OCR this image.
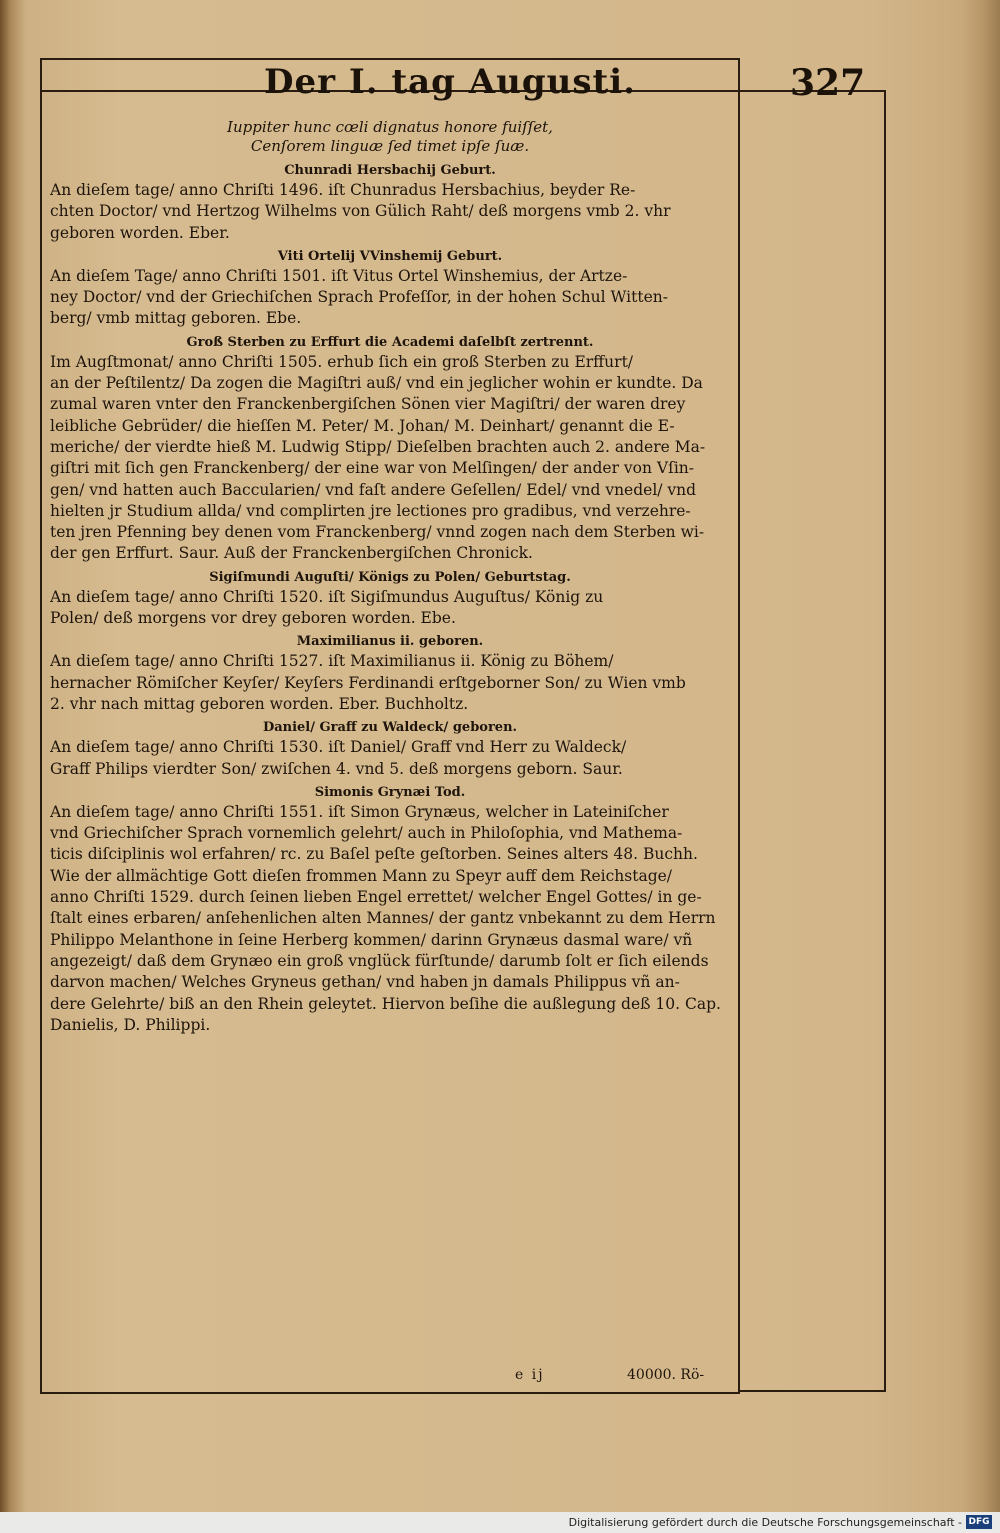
Der I. tag Augusti.	327
Iuppiter hunc cœli dignatus honore fuiſſet,
Cenſorem linguæ ſed timet ipſe ſuæ.

Chunradi Hersbachij Geburt.

An dieſem tage/ anno Chriſti 1496. iſt Chunradus Hersbachius, beyder Re-
chten Doctor/ vnd Hertzog Wilhelms von Gülich Raht/ deß morgens vmb 2. vhr
geboren worden. Eber.

Viti Ortelij VVinshemij Geburt.

An dieſem Tage/ anno Chriſti 1501. iſt Vitus Ortel Winshemius, der Artze-
ney Doctor/ vnd der Griechiſchen Sprach Profeſſor, in der hohen Schul Witten-
berg/ vmb mittag geboren. Ebe.

Groß Sterben zu Erffurt die Academi daſelbſt zertrennt.

Im Augſtmonat/ anno Chriſti 1505. erhub ſich ein groß Sterben zu Erffurt/
an der Peſtilentz/ Da zogen die Magiſtri auß/ vnd ein jeglicher wohin er kundte. Da
zumal waren vnter den Franckenbergiſchen Sönen vier Magiſtri/ der waren drey
leibliche Gebrüder/ die hieſſen M. Peter/ M. Johan/ M. Deinhart/ genannt die E-
meriche/ der vierdte hieß M. Ludwig Stipp/ Dieſelben brachten auch 2. andere Ma-
giſtri mit ſich gen Franckenberg/ der eine war von Melſingen/ der ander von Vſin-
gen/ vnd hatten auch Baccularien/ vnd faſt andere Geſellen/ Edel/ vnd vnedel/ vnd
hielten jr Studium allda/ vnd complirten jre lectiones pro gradibus, vnd verzehre-
ten jren Pfenning bey denen vom Franckenberg/ vnnd zogen nach dem Sterben wi-
der gen Erffurt. Saur. Auß der Franckenbergiſchen Chronick.

Sigiſmundi Auguſti/ Königs zu Polen/ Geburtstag.

An dieſem tage/ anno Chriſti 1520. iſt Sigiſmundus Auguſtus/ König zu
Polen/ deß morgens vor drey geboren worden. Ebe.

Maximilianus ii. geboren.

An dieſem tage/ anno Chriſti 1527. iſt Maximilianus ii. König zu Böhem/
hernacher Römiſcher Keyſer/ Keyſers Ferdinandi erſtgeborner Son/ zu Wien vmb
2. vhr nach mittag geboren worden. Eber. Buchholtz.

Daniel/ Graff zu Waldeck/ geboren.

An dieſem tage/ anno Chriſti 1530. iſt Daniel/ Graff vnd Herr zu Waldeck/
Graff Philips vierdter Son/ zwiſchen 4. vnd 5. deß morgens geborn. Saur.

Simonis Grynæi Tod.

An dieſem tage/ anno Chriſti 1551. iſt Simon Grynæus, welcher in Lateiniſcher
vnd Griechiſcher Sprach vornemlich gelehrt/ auch in Philoſophia, vnd Mathema-
ticis diſciplinis wol erfahren/ rc. zu Baſel peſte geſtorben. Seines alters 48. Buchh.
Wie der allmächtige Gott dieſen frommen Mann zu Speyr auff dem Reichstage/
anno Chriſti 1529. durch ſeinen lieben Engel errettet/ welcher Engel Gottes/ in ge-
ſtalt eines erbaren/ anſehenlichen alten Mannes/ der gantz vnbekannt zu dem Herrn
Philippo Melanthone in ſeine Herberg kommen/ darinn Grynæus dasmal ware/ vñ
angezeigt/ daß dem Grynæo ein groß vnglück fürſtunde/ darumb ſolt er ſich eilends
darvon machen/ Welches Gryneus gethan/ vnd haben jn damals Philippus vñ an-
dere Gelehrte/ biß an den Rhein geleytet. Hiervon beſihe die außlegung deß 10. Cap.
Danielis, D. Philippi.

e ij	40000. Rö-
Digitalisierung gefördert durch die Deutsche Forschungsgemeinschaft - DFG
